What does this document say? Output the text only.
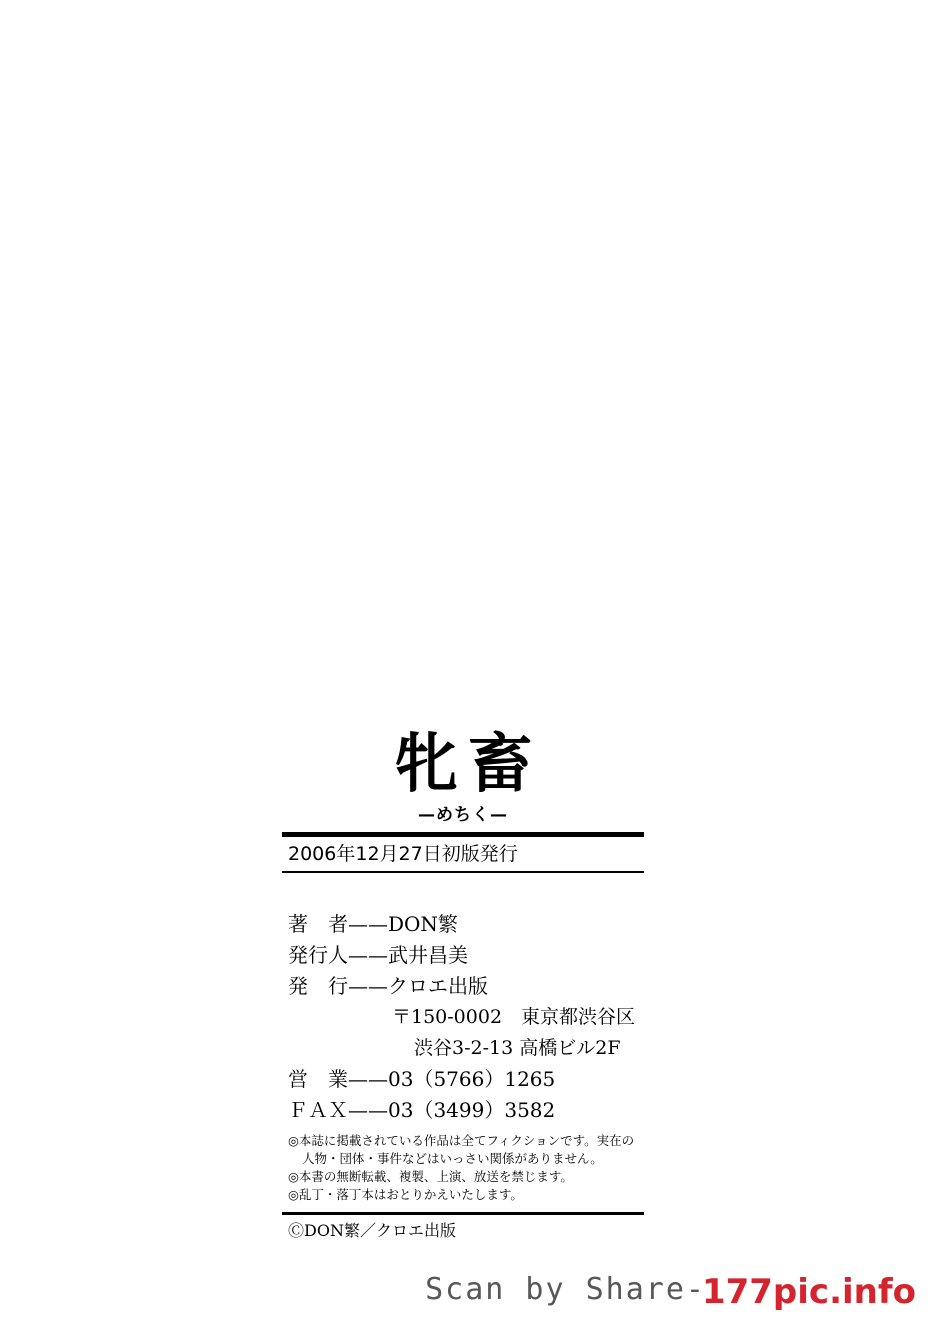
牝畜
—めちく—
2006年12月27日初版発行
著　者——DON繁
発行人——武井昌美
発　行——クロエ出版
〒150-0002　東京都渋谷区
渋谷3-2-13 高橋ビル2F
営　業——03（5766）1265
ＦＡＸ——03（3499）3582
◎本誌に掲載されている作品は全てフィクションです。実在の
人物・団体・事件などはいっさい関係がありません。
◎本書の無断転載、複製、上演、放送を禁じます。
◎乱丁・落丁本はおとりかえいたします。
ⒸDON繁／クロエ出版
Scan by Share-177pic.info
